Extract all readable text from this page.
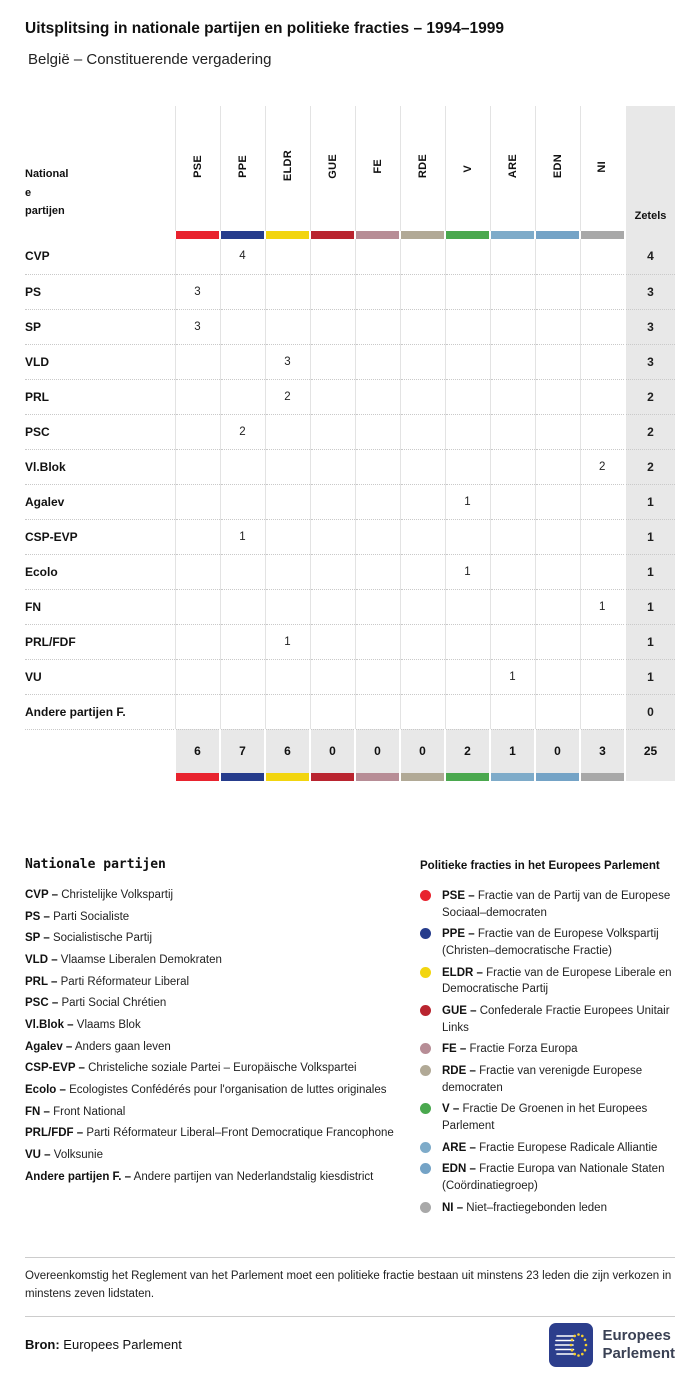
Uitsplitsing in nationale partijen en politieke fracties – 1994–1999
België – Constituerende vergadering
Nationale partijen	PSE	PPE	ELDR	GUE	FE	RDE	V	ARE	EDN	NI	Zetels

CVP		4									4
PS	3										3
SP	3										3
VLD			3								3
PRL			2								2
PSC		2									2
Vl.Blok										2	2
Agalev							1				1
CSP-EVP		1									1
Ecolo							1				1
FN										1	1
PRL/FDF			1								1
VU								1			1
Andere partijen F.											0
	6	7	6	0	0	0	2	1	0	3	25

Nationale partijen
CVP – Christelijke Volkspartij
PS – Parti Socialiste
SP – Socialistische Partij
VLD – Vlaamse Liberalen Demokraten
PRL – Parti Réformateur Liberal
PSC – Parti Social Chrétien
Vl.Blok – Vlaams Blok
Agalev – Anders gaan leven
CSP-EVP – Christeliche soziale Partei – Europäische Volkspartei
Ecolo – Ecologistes Confédérés pour l'organisation de luttes originales
FN – Front National
PRL/FDF – Parti Réformateur Liberal–Front Democratique Francophone
VU – Volksunie
Andere partijen F. – Andere partijen van Nederlandstalig kiesdistrict
Politieke fracties in het Europees Parlement
PSE – Fractie van de Partij van de Europese Sociaal–democraten
PPE – Fractie van de Europese Volkspartij (Christen–democratische Fractie)
ELDR – Fractie van de Europese Liberale en Democratische Partij
GUE – Confederale Fractie Europees Unitair Links
FE – Fractie Forza Europa
RDE – Fractie van verenigde Europese democraten
V – Fractie De Groenen in het Europees Parlement
ARE – Fractie Europese Radicale Alliantie
EDN – Fractie Europa van Nationale Staten (Coördinatiegroep)
NI – Niet–fractiegebonden leden

Overeenkomstig het Reglement van het Parlement moet een politieke fractie bestaan uit minstens 23 leden die zijn verkozen in minstens zeven lidstaten.

Bron: Europees Parlement

Europees
Parlement
